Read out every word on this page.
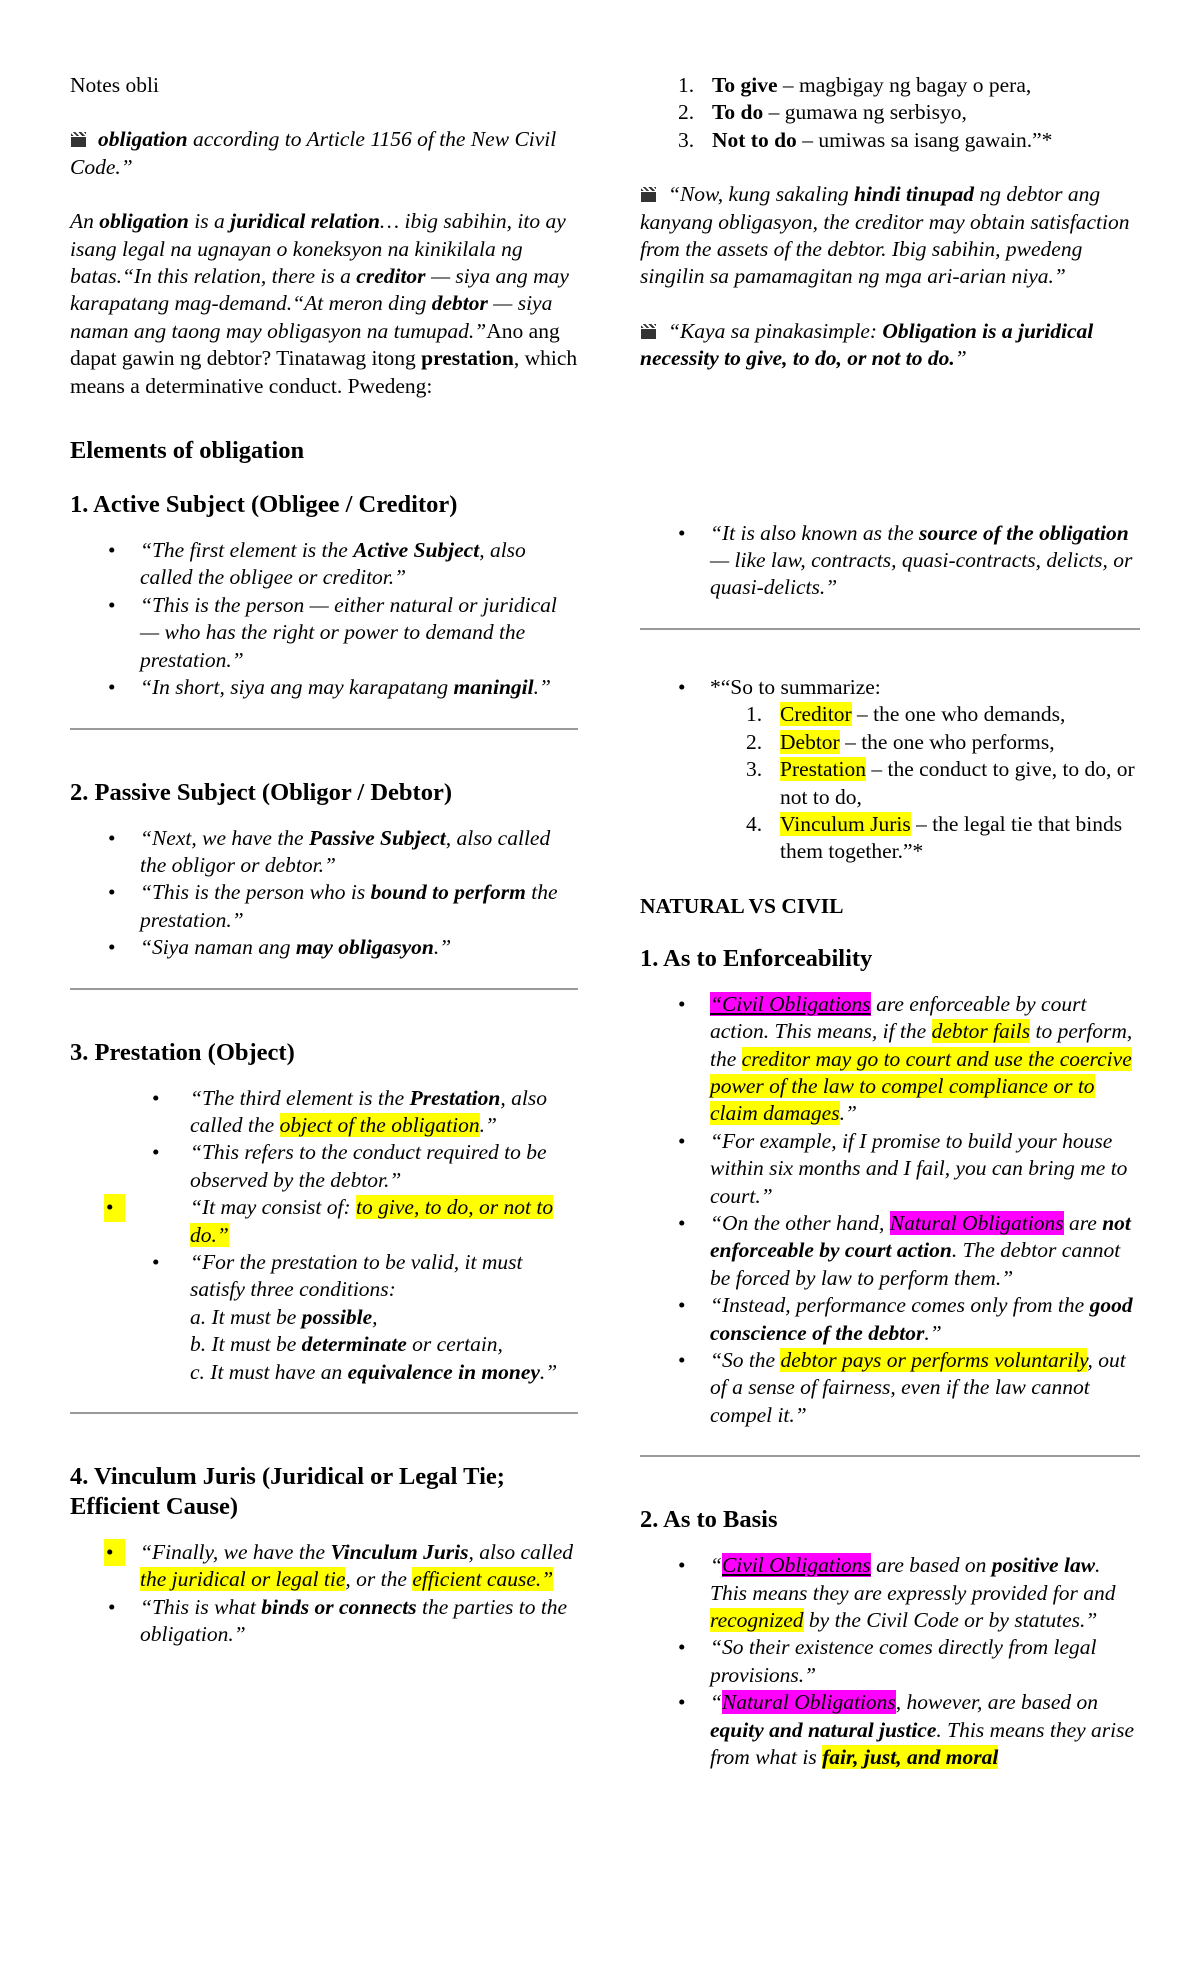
Notes obli

obligation according to Article 1156 of the New Civil Code.”

An obligation is a juridical relation… ibig sabihin, ito ay isang legal na ugnayan o koneksyon na kinikilala ng batas.“In this relation, there is a creditor — siya ang may karapatang mag-demand.“At meron ding debtor — siya naman ang taong may obligasyon na tumupad.”Ano ang dapat gawin ng debtor? Tinatawag itong prestation, which means a determinative conduct. Pwedeng:

Elements of obligation
1. Active Subject (Obligee / Creditor)
• “The first element is the Active Subject, also called the obligee or creditor.”
• “This is the person — either natural or juridical — who has the right or power to demand the prestation.”
• “In short, siya ang may karapatang maningil.”
2. Passive Subject (Obligor / Debtor)
• “Next, we have the Passive Subject, also called the obligor or debtor.”
• “This is the person who is bound to perform the prestation.”
• “Siya naman ang may obligasyon.”
3. Prestation (Object)
• “The third element is the Prestation, also called the object of the obligation.”
• “This refers to the conduct required to be observed by the debtor.”
• “It may consist of: to give, to do, or not to do.”
• “For the prestation to be valid, it must satisfy three conditions:
a. It must be possible,
b. It must be determinate or certain,
c. It must have an equivalence in money.”
4. Vinculum Juris (Juridical or Legal Tie; Efficient Cause)
• “Finally, we have the Vinculum Juris, also called the juridical or legal tie, or the efficient cause.”
• “This is what binds or connects the parties to the obligation.”
1. To give – magbigay ng bagay o pera,
2. To do – gumawa ng serbisyo,
3. Not to do – umiwas sa isang gawain.”*

“Now, kung sakaling hindi tinupad ng debtor ang kanyang obligasyon, the creditor may obtain satisfaction from the assets of the debtor. Ibig sabihin, pwedeng singilin sa pamamagitan ng mga ari-arian niya.”

“Kaya sa pinakasimple: Obligation is a juridical necessity to give, to do, or not to do.”

• “It is also known as the source of the obligation — like law, contracts, quasi-contracts, delicts, or quasi-delicts.”
• *“So to summarize:
1. Creditor – the one who demands,
2. Debtor – the one who performs,
3. Prestation – the conduct to give, to do, or not to do,
4. Vinculum Juris – the legal tie that binds them together.”*
NATURAL VS CIVIL
1. As to Enforceability
• “Civil Obligations are enforceable by court action. This means, if the debtor fails to perform, the creditor may go to court and use the coercive power of the law to compel compliance or to claim damages.”
• “For example, if I promise to build your house within six months and I fail, you can bring me to court.”
• “On the other hand, Natural Obligations are not enforceable by court action. The debtor cannot be forced by law to perform them.”
• “Instead, performance comes only from the good conscience of the debtor.”
• “So the debtor pays or performs voluntarily, out of a sense of fairness, even if the law cannot compel it.”
2. As to Basis
• “Civil Obligations are based on positive law. This means they are expressly provided for and recognized by the Civil Code or by statutes.”
• “So their existence comes directly from legal provisions.”
• “Natural Obligations, however, are based on equity and natural justice. This means they arise from what is fair, just, and moral
